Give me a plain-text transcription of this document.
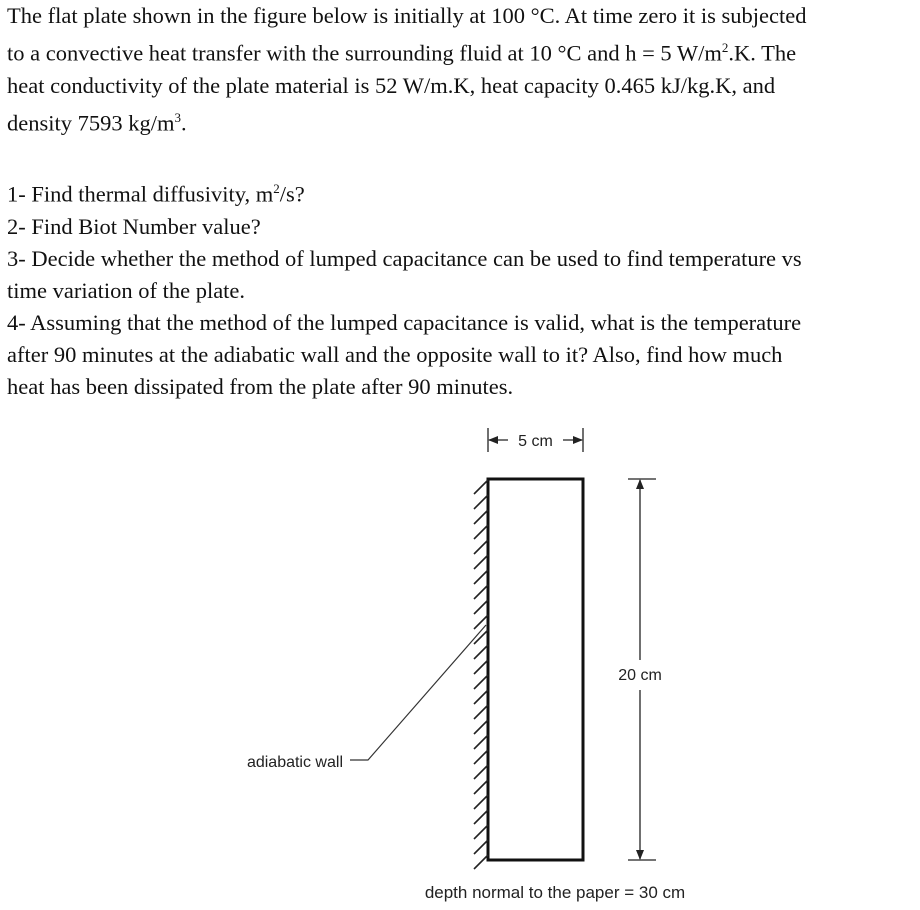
The flat plate shown in the figure below is initially at 100 °C. At time zero it is subjected

to a convective heat transfer with the surrounding fluid at 10 °C and h = 5 $W/m^2.K$. The

heat conductivity of the plate material is 52 W/m.K, heat capacity 0.465 kJ/kg.K, and

density 7593 $kg/m^3$.

1- Find thermal diffusivity, $m^2/s$?

2- Find Biot Number value?

3- Decide whether the method of lumped capacitance can be used to find temperature vs

time variation of the plate.

4- Assuming that the method of the lumped capacitance is valid, what is the temperature

after 90 minutes at the adiabatic wall and the opposite wall to it? Also, find how much

heat has been dissipated from the plate after 90 minutes.

5 cm
20 cm
adiabatic wall
depth normal to the paper = 30 cm
